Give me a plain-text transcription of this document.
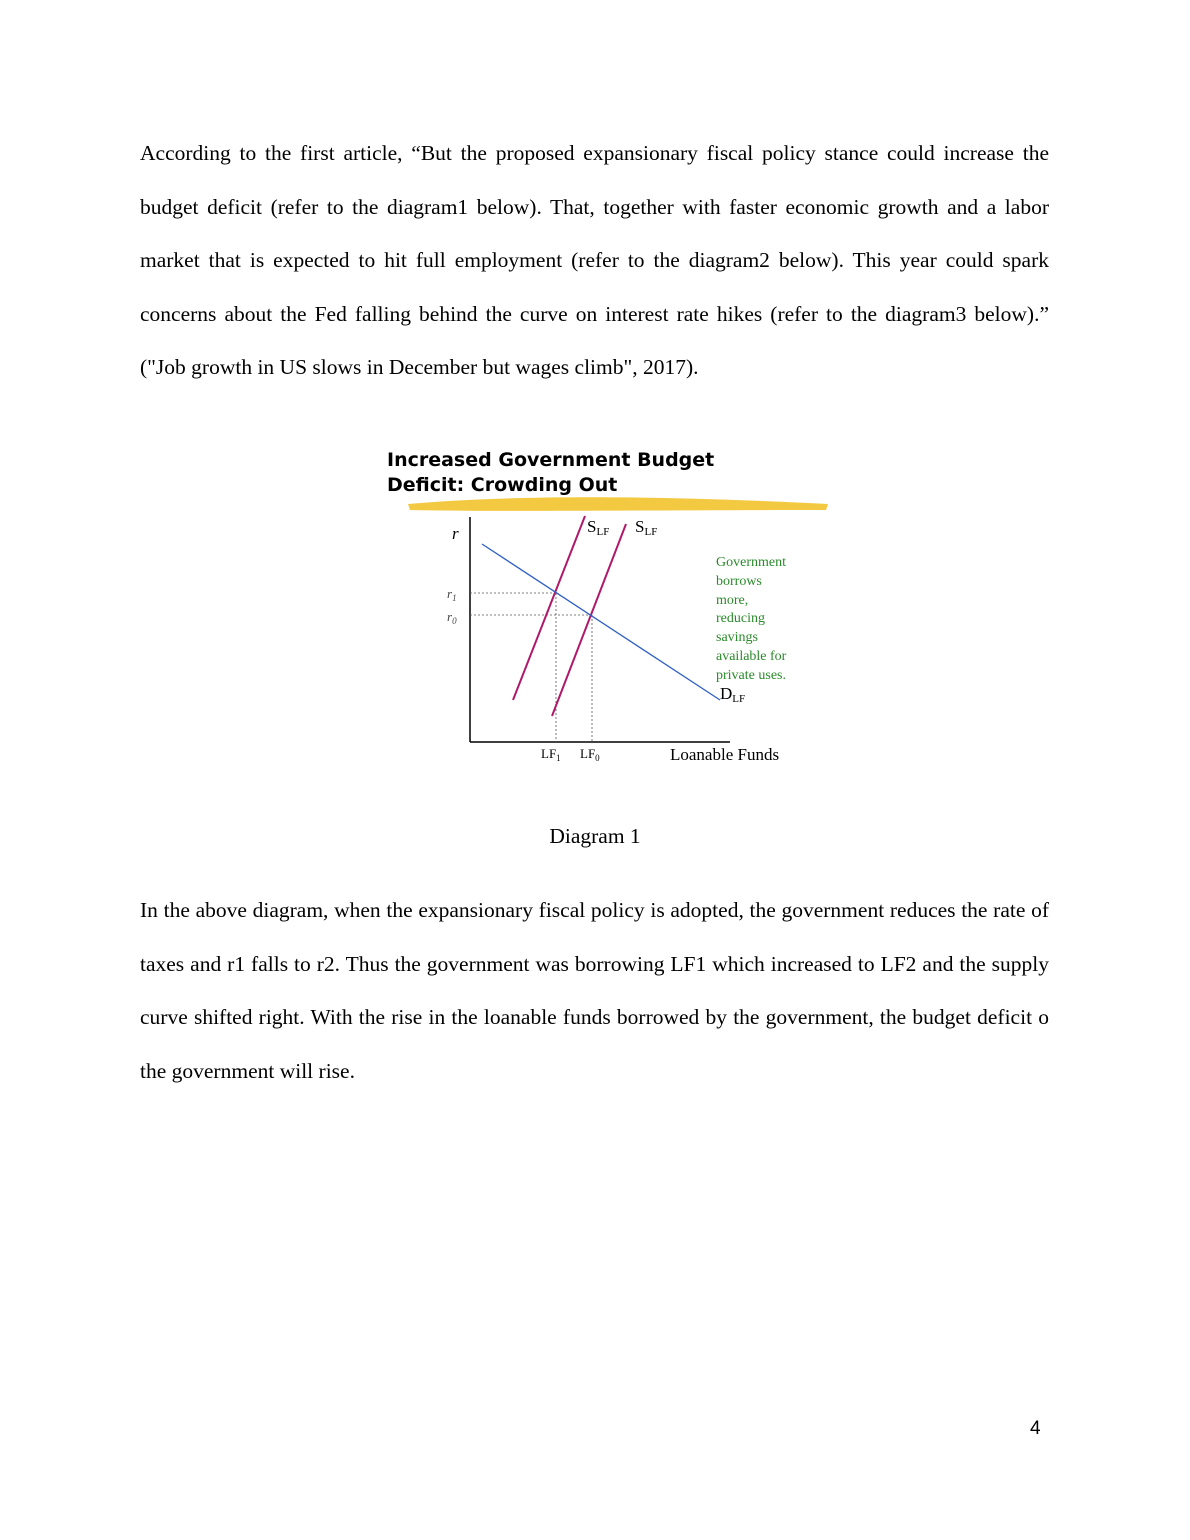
According to the first article, “But the proposed expansionary fiscal policy stance could increase the budget deficit (refer to the diagram1 below). That, together with faster economic growth and a labor market that is expected to hit full employment (refer to the diagram2 below). This year could spark concerns about the Fed falling behind the curve on interest rate hikes (refer to the diagram3 below).” ("Job growth in US slows in December but wages climb", 2017).

Increased Government Budget
Deficit: Crowding Out
r
$r_1$
$r_0$
SLF SLF
DLF
$LF_1$ $LF_0$	Loanable Funds
Government
borrows
more,
reducing
savings
available for
private uses.
Diagram 1

In the above diagram, when the expansionary fiscal policy is adopted, the government reduces the rate of taxes and r1 falls to r2. Thus the government was borrowing LF1 which increased to LF2 and the supply curve shifted right. With the rise in the loanable funds borrowed by the government, the budget deficit o the government will rise.

4
